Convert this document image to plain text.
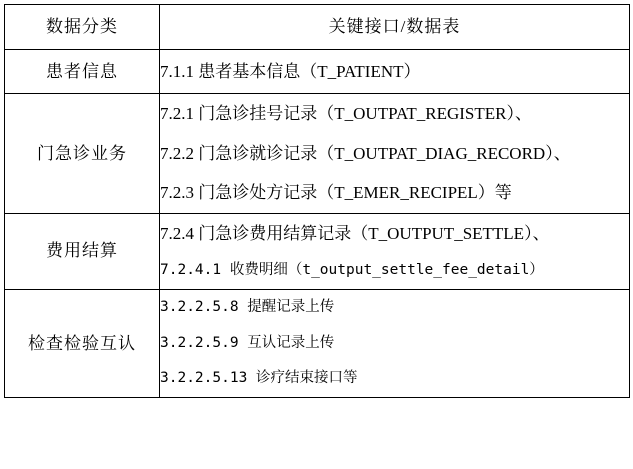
数据分类	关键接口/数据表
患者信息	7.1.1 患者基本信息（T_PATIENT）

门急诊业务	7.2.1 门急诊挂号记录（T_OUTPAT_REGISTER）、
7.2.2 门急诊就诊记录（T_OUTPAT_DIAG_RECORD）、
7.2.3 门急诊处方记录（T_EMER_RECIPEL）等

费用结算	7.2.4 门急诊费用结算记录（T_OUTPUT_SETTLE）、
7.2.4.1 收费明细（t_output_settle_fee_detail）

检查检验互认	3.2.2.5.8 提醒记录上传
3.2.2.5.9 互认记录上传
3.2.2.5.13 诊疗结束接口等
